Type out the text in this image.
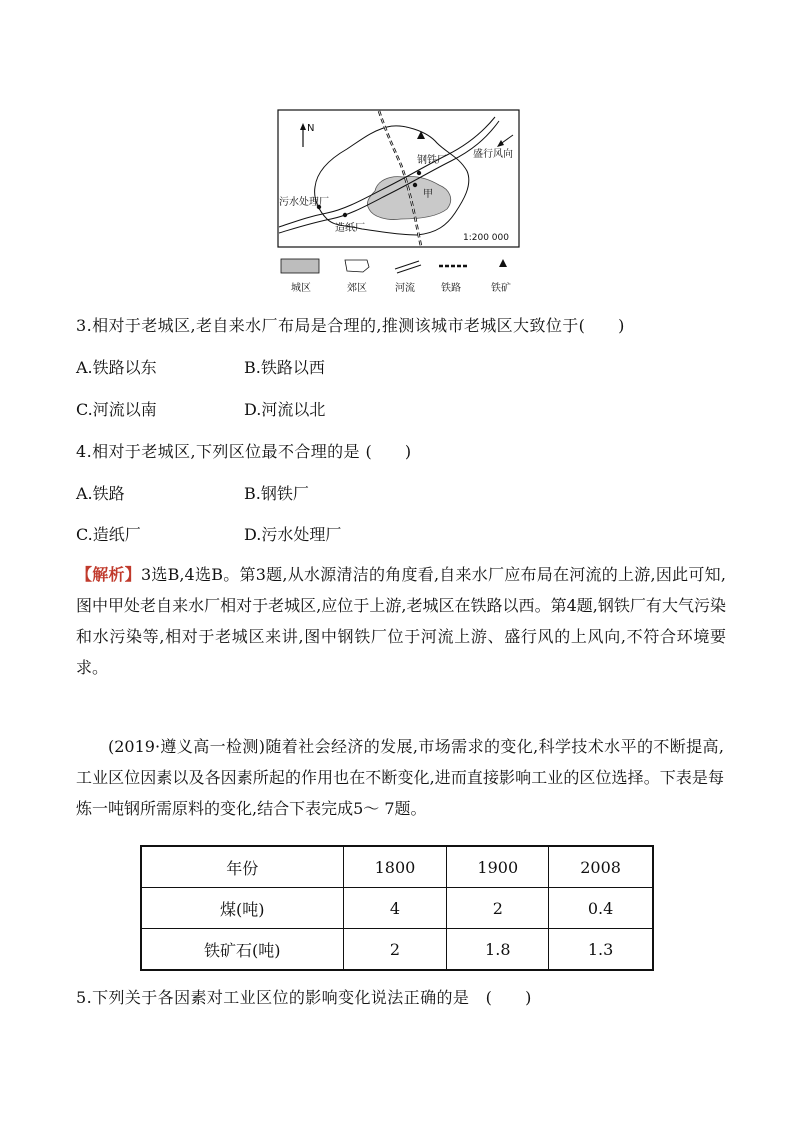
N
盛行风向
钢铁厂
甲
污水处理厂
造纸厂
1:200 000
城区	郊区	河流	铁路	铁矿
3.相对于老城区,老自来水厂布局是合理的,推测该城市老城区大致位于(　　)
A.铁路以东	B.铁路以西
C.河流以南	D.河流以北
4.相对于老城区,下列区位最不合理的是 (　　)
A.铁路	B.钢铁厂
C.造纸厂	D.污水处理厂
【解析】3选B,4选B。第3题,从水源清洁的角度看,自来水厂应布局在河流的上游,因此可知,图中甲处老自来水厂相对于老城区,应位于上游,老城区在铁路以西。第4题,钢铁厂有大气污染和水污染等,相对于老城区来讲,图中钢铁厂位于河流上游、盛行风的上风向,不符合环境要求。
(2019·遵义高一检测)随着社会经济的发展,市场需求的变化,科学技术水平的不断提高,工业区位因素以及各因素所起的作用也在不断变化,进而直接影响工业的区位选择。下表是每炼一吨钢所需原料的变化,结合下表完成5～ 7题。
年份	1800	1900	2008
煤(吨)	4	2	0.4
铁矿石(吨)	2	1.8	1.3
5.下列关于各因素对工业区位的影响变化说法正确的是　(　　)
